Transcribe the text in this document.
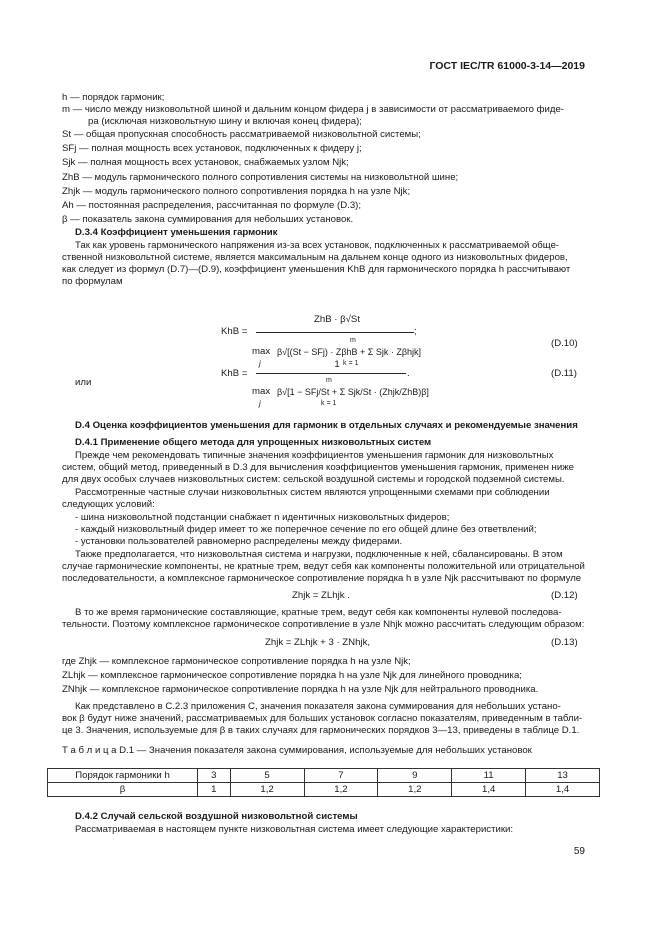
ГОСТ IEC/TR 61000-3-14—2019
h — порядок гармоник;
m — число между низковольтной шиной и дальним концом фидера j в зависимости от рассматриваемого фиде-
ра (исключая низковольтную шину и включая конец фидера);
St — общая пропускная способность рассматриваемой низковольтной системы;
SFj — полная мощность всех установок, подключенных к фидеру j;
Sjk — полная мощность всех установок, снабжаемых узлом Njk;
ZhB — модуль гармонического полного сопротивления системы на низковольтной шине;
Zhjk — модуль гармонического полного сопротивления порядка h на узле Njk;
Ah — постоянная распределения, рассчитанная по формуле (D.3);
β — показатель закона суммирования для небольших установок.
D.3.4 Коэффициент уменьшения гармоник
Так как уровень гармонического напряжения из-за всех установок, подключенных к рассматриваемой обще-
ственной низковольтной системе, является максимальным на дальнем конце одного из низковольтных фидеров,
как следует из формул (D.7)—(D.9), коэффициент уменьшения KhB для гармонического порядка h рассчитывают
по формулам
KhB =
ZhB · β√St
max
j
β√[(St − SFj) · ZβhB + Σ Sjk · Zβhjk]
m
k = 1
;
(D.10)
или
KhB =
1
max
j
β√[1 − SFj/St + Σ Sjk/St · (Zhjk/ZhB)β]
m
k = 1
.	(D.11)
D.4 Оценка коэффициентов уменьшения для гармоник в отдельных случаях и рекомендуемые значения
D.4.1 Применение общего метода для упрощенных низковольтных систем
Прежде чем рекомендовать типичные значения коэффициентов уменьшения гармоник для низковольтных
систем, общий метод, приведенный в D.3 для вычисления коэффициентов уменьшения гармоник, применен ниже
для двух особых случаев низковольтных систем: сельской воздушной системы и городской подземной системы.
Рассмотренные частные случаи низковольтных систем являются упрощенными схемами при соблюдении
следующих условий:
- шина низковольтной подстанции снабжает n идентичных низковольтных фидеров;
- каждый низковольтный фидер имеет то же поперечное сечение по его общей длине без ответвлений;
- установки пользователей равномерно распределены между фидерами.
Также предполагается, что низковольтная система и нагрузки, подключенные к ней, сбалансированы. В этом
случае гармонические компоненты, не кратные трем, ведут себя как компоненты положительной или отрицательной
последовательности, а комплексное гармоническое сопротивление порядка h в узле Njk рассчитывают по формуле
Zhjk = ZLhjk .	(D.12)
В то же время гармонические составляющие, кратные трем, ведут себя как компоненты нулевой последова-
тельности. Поэтому комплексное гармоническое сопротивление в узле Nhjk можно рассчитать следующим образом:
Zhjk = ZLhjk + 3 · ZNhjk,	(D.13)
где Zhjk — комплексное гармоническое сопротивление порядка h на узле Njk;
ZLhjk — комплексное гармоническое сопротивление порядка h на узле Njk для линейного проводника;
ZNhjk — комплексное гармоническое сопротивление порядка h на узле Njk для нейтрального проводника.
Как представлено в C.2.3 приложения С, значения показателя закона суммирования для небольших устано-
вок β будут ниже значений, рассматриваемых для больших установок согласно показателям, приведенным в табли-
це 3. Значения, используемые для β в таких случаях для гармонических порядков 3—13, приведены в таблице D.1.
Т а б л и ц а D.1 — Значения показателя закона суммирования, используемые для небольших установок
Порядок гармоники h	3	5	7	9	11	13
β	1	1,2	1,2	1,2	1,4	1,4
D.4.2 Случай сельской воздушной низковольтной системы
Рассматриваемая в настоящем пункте низковольтная система имеет следующие характеристики:
59
